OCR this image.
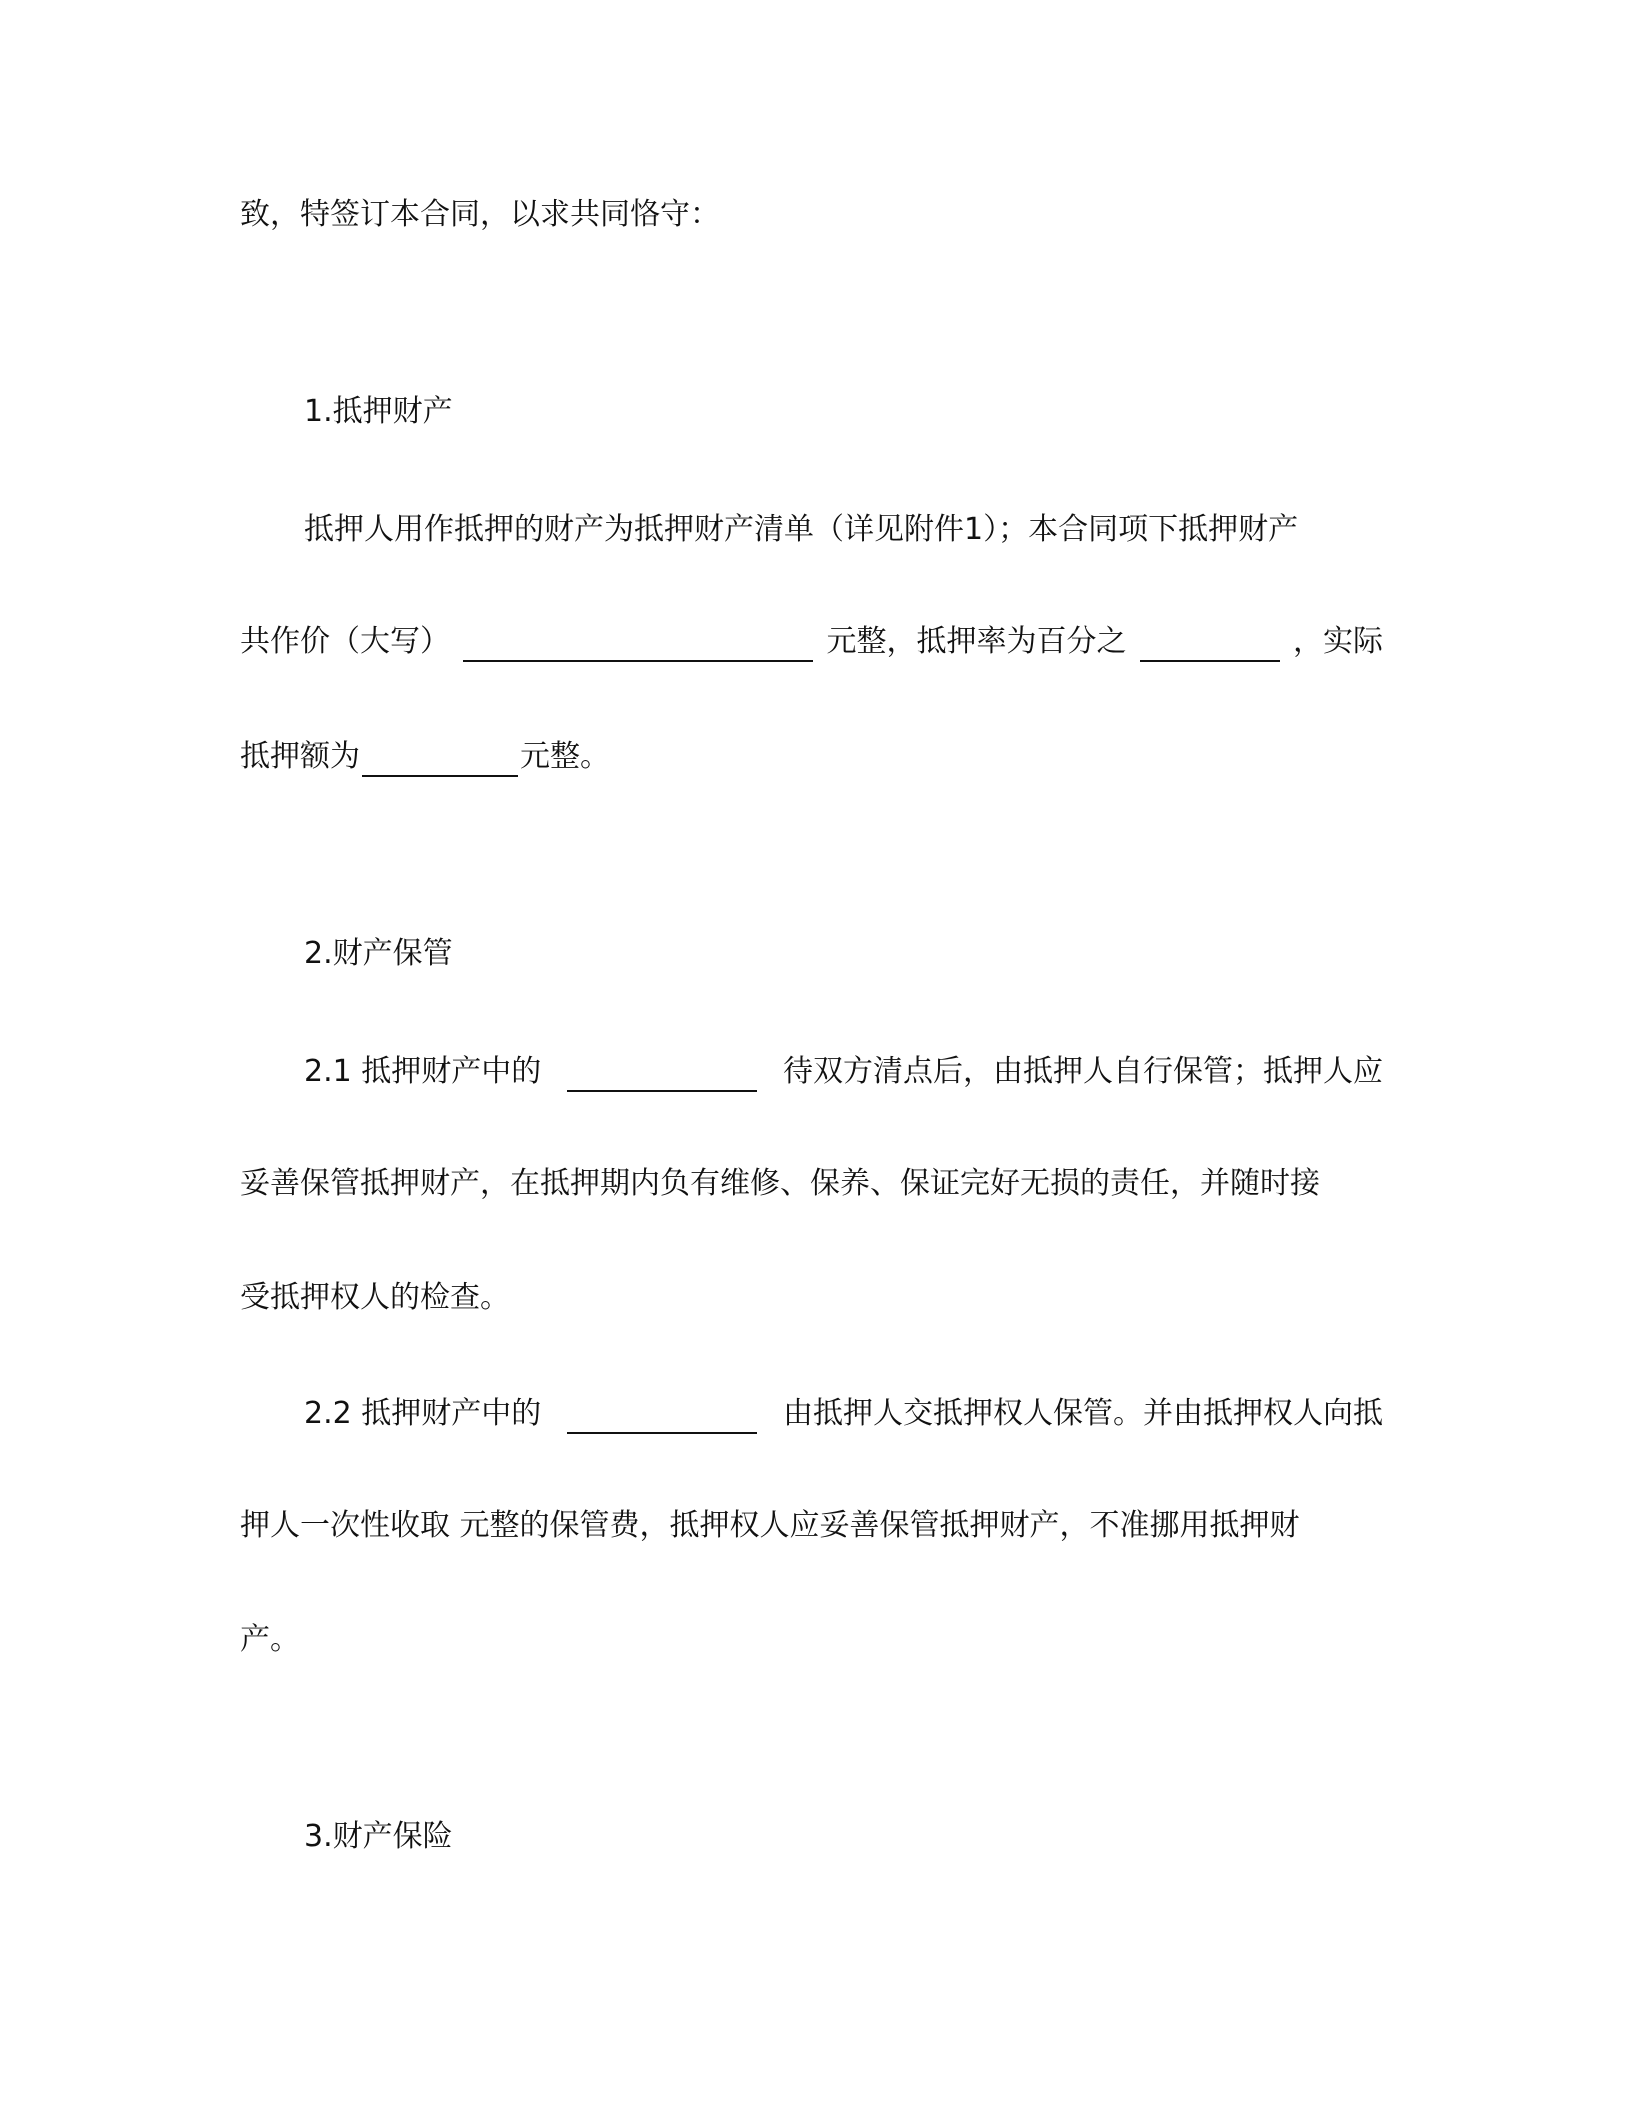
致，特签订本合同，以求共同恪守：

1.抵押财产

抵押人用作抵押的财产为抵押财产清单（详见附件1）；本合同项下抵押财产

共作价（大写）	元整，抵押率为百分之	，实际

抵押额为	元整。

2.财产保管

2.1 抵押财产中的	待双方清点后，由抵押人自行保管；抵押人应

妥善保管抵押财产，在抵押期内负有维修、保养、保证完好无损的责任，并随时接

受抵押权人的检查。

2.2 抵押财产中的	由抵押人交抵押权人保管。并由抵押权人向抵

押人一次性收取 元整的保管费，抵押权人应妥善保管抵押财产，不准挪用抵押财

产。

3.财产保险
